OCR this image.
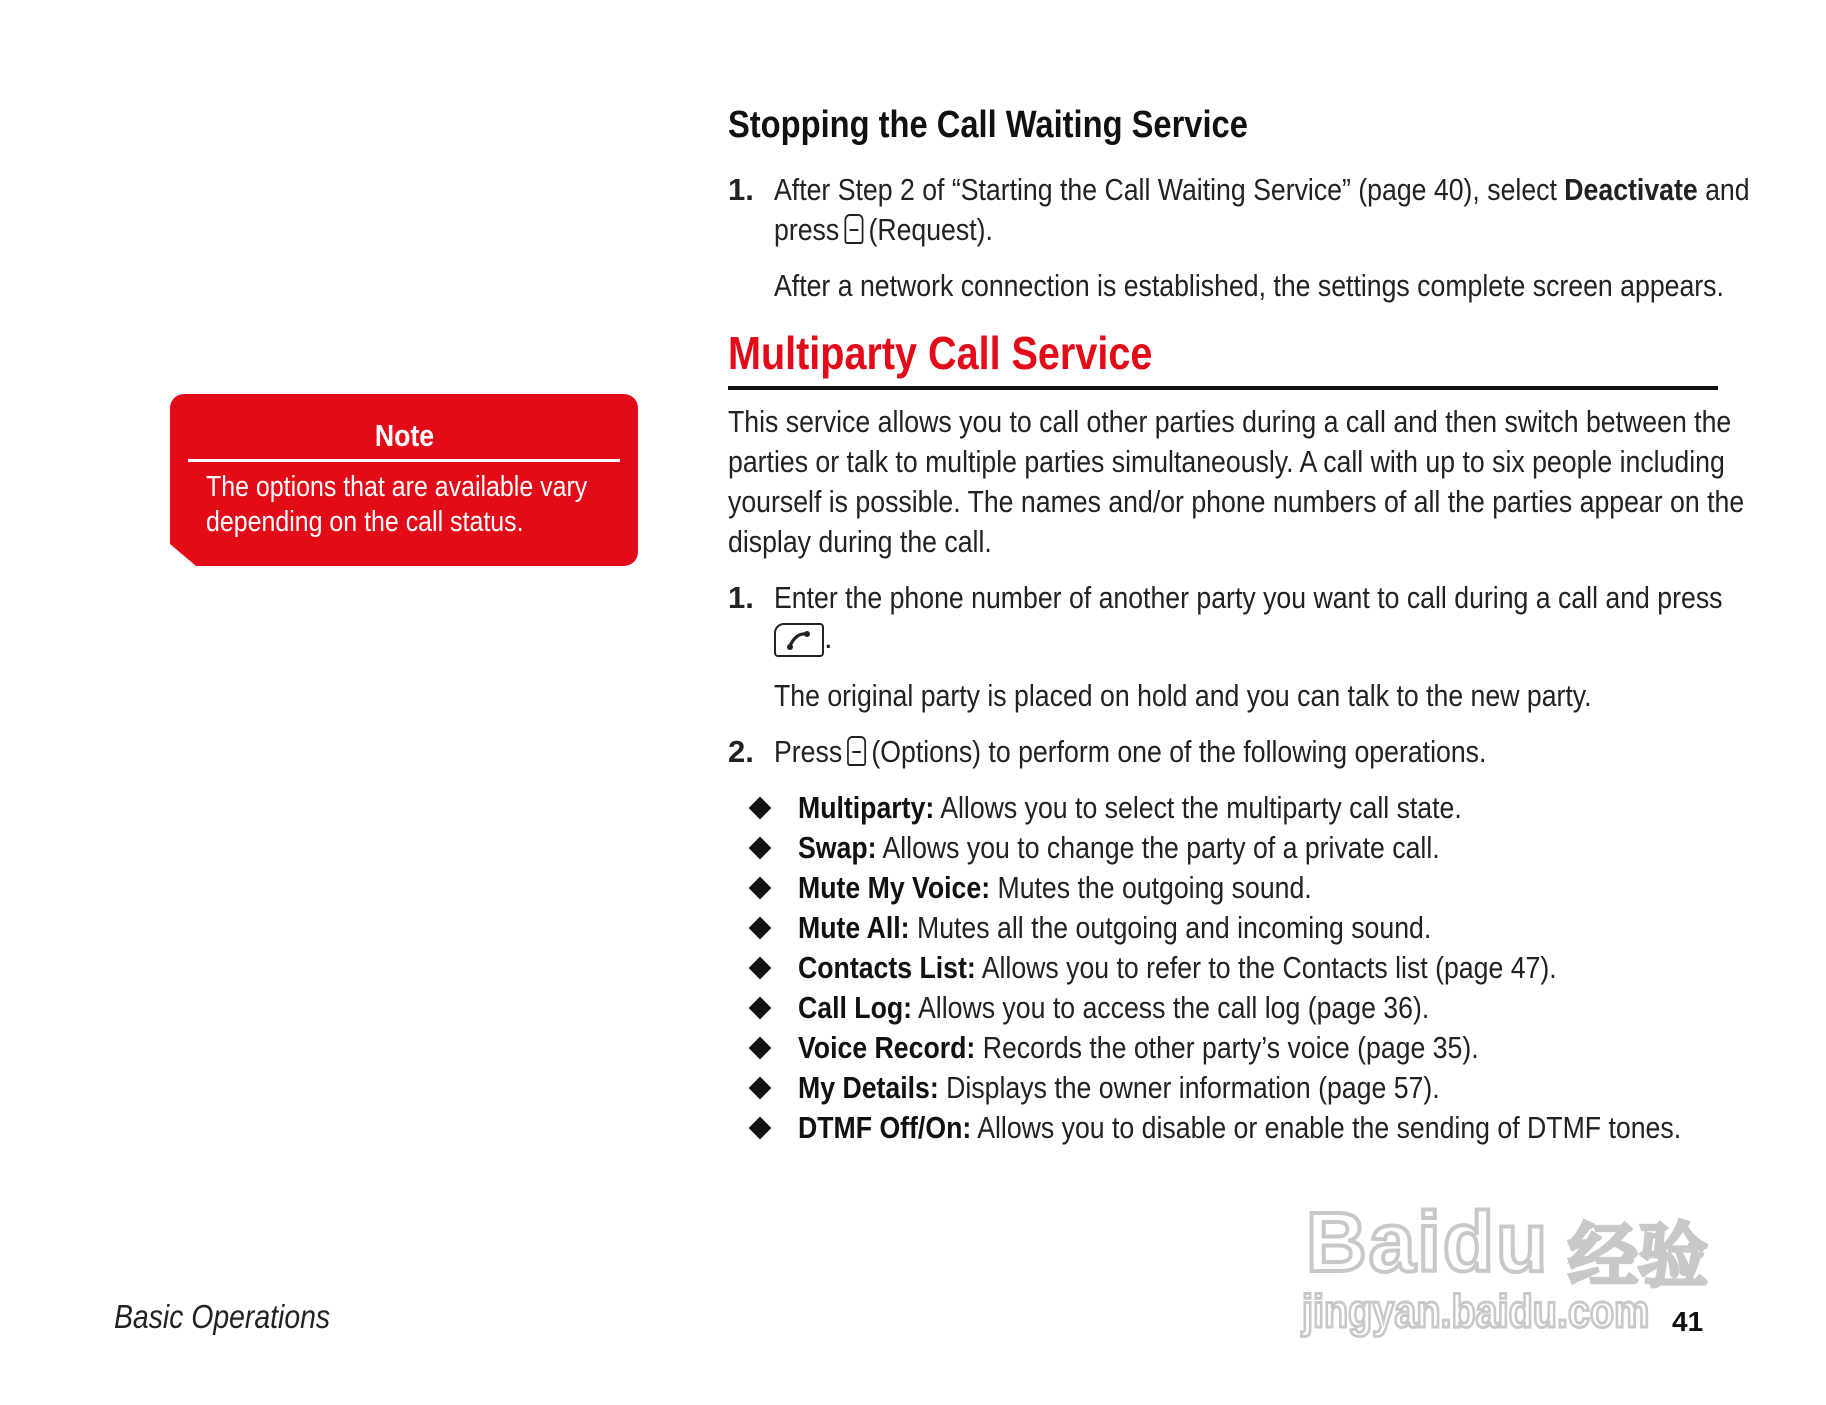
Stopping the Call Waiting Service
1. After Step 2 of “Starting the Call Waiting Service” (page 40), select Deactivate and
press (Request).
After a network connection is established, the settings complete screen appears.
Multiparty Call Service
This service allows you to call other parties during a call and then switch between the
parties or talk to multiple parties simultaneously. A call with up to six people including
yourself is possible. The names and/or phone numbers of all the parties appear on the
display during the call.
1. Enter the phone number of another party you want to call during a call and press
.
The original party is placed on hold and you can talk to the new party.
2. Press (Options) to perform one of the following operations.
Multiparty: Allows you to select the multiparty call state.
Swap: Allows you to change the party of a private call.
Mute My Voice: Mutes the outgoing sound.
Mute All: Mutes all the outgoing and incoming sound.
Contacts List: Allows you to refer to the Contacts list (page 47).
Call Log: Allows you to access the call log (page 36).
Voice Record: Records the other party’s voice (page 35).
My Details: Displays the owner information (page 57).
DTMF Off/On: Allows you to disable or enable the sending of DTMF tones.
Note
The options that are available vary
depending on the call status.
Baidu 经验
jingyan.baidu.com
Basic Operations	41
